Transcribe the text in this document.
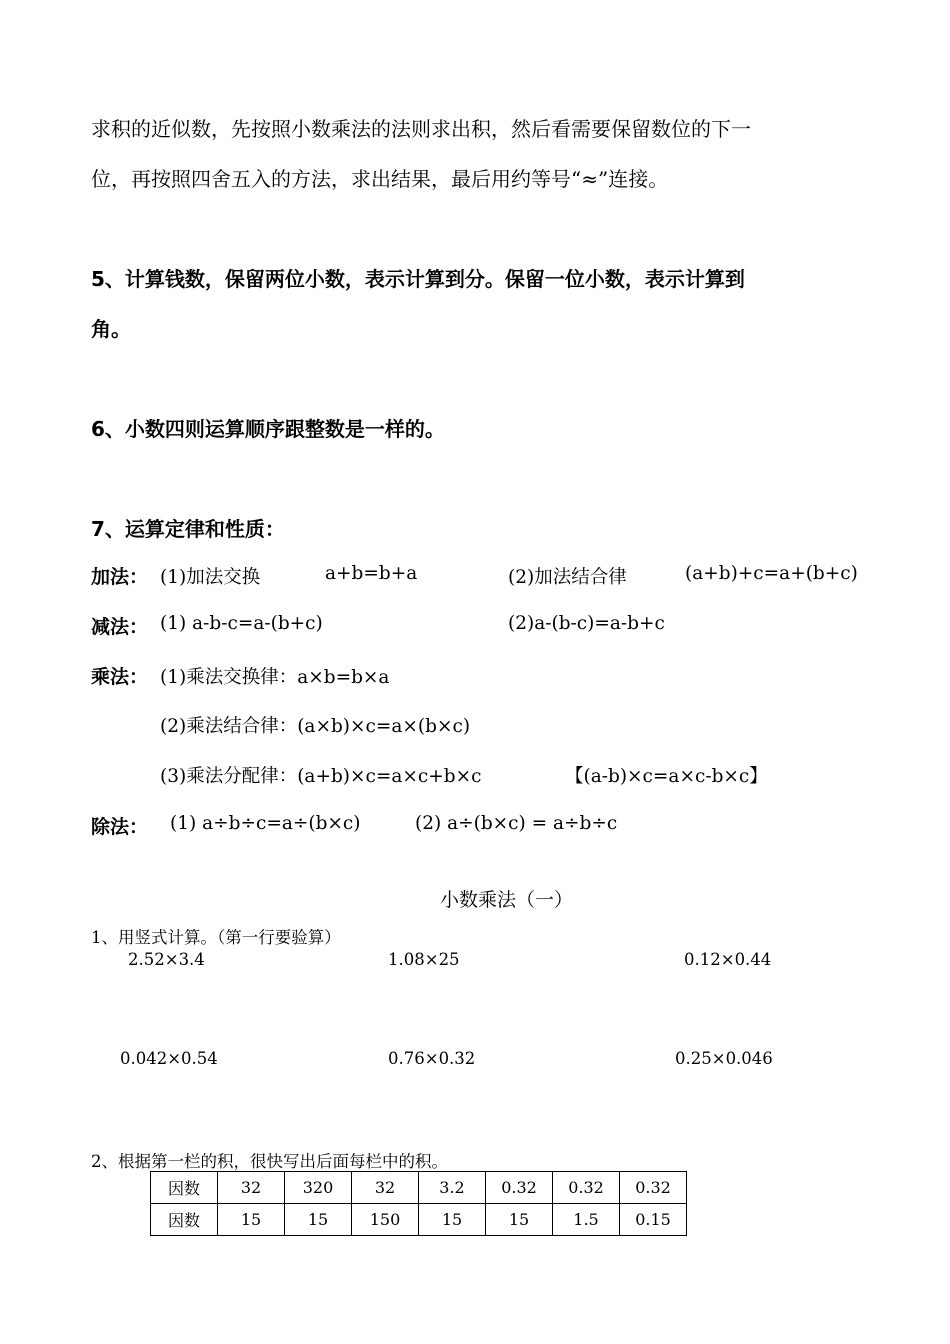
求积的近似数，先按照小数乘法的法则求出积，然后看需要保留数位的下一
位，再按照四舍五入的方法，求出结果，最后用约等号“≈”连接。
5、计算钱数，保留两位小数，表示计算到分。保留一位小数，表示计算到
角。
6、小数四则运算顺序跟整数是一样的。
7、运算定律和性质：
加法： (1)加法交换	a+b=b+a	(2)加法结合律	(a+b)+c=a+(b+c)
减法： (1) a-b-c=a-(b+c)	(2)a-(b-c)=a-b+c
乘法： (1)乘法交换律：a×b=b×a
(2)乘法结合律：(a×b)×c=a×(b×c)
(3)乘法分配律：(a+b)×c=a×c+b×c	【(a-b)×c=a×c-b×c】
除法： (1) a÷b÷c=a÷(b×c)	(2) a÷(b×c) = a÷b÷c
小数乘法（一）
1、用竖式计算。（第一行要验算）
2.52×3.4	1.08×25	0.12×0.44
0.042×0.54	0.76×0.32	0.25×0.046
2、根据第一栏的积，很快写出后面每栏中的积。
因数	32	320	32	3.2	0.32	0.32	0.32
因数	15	15	150	15	15	1.5	0.15
